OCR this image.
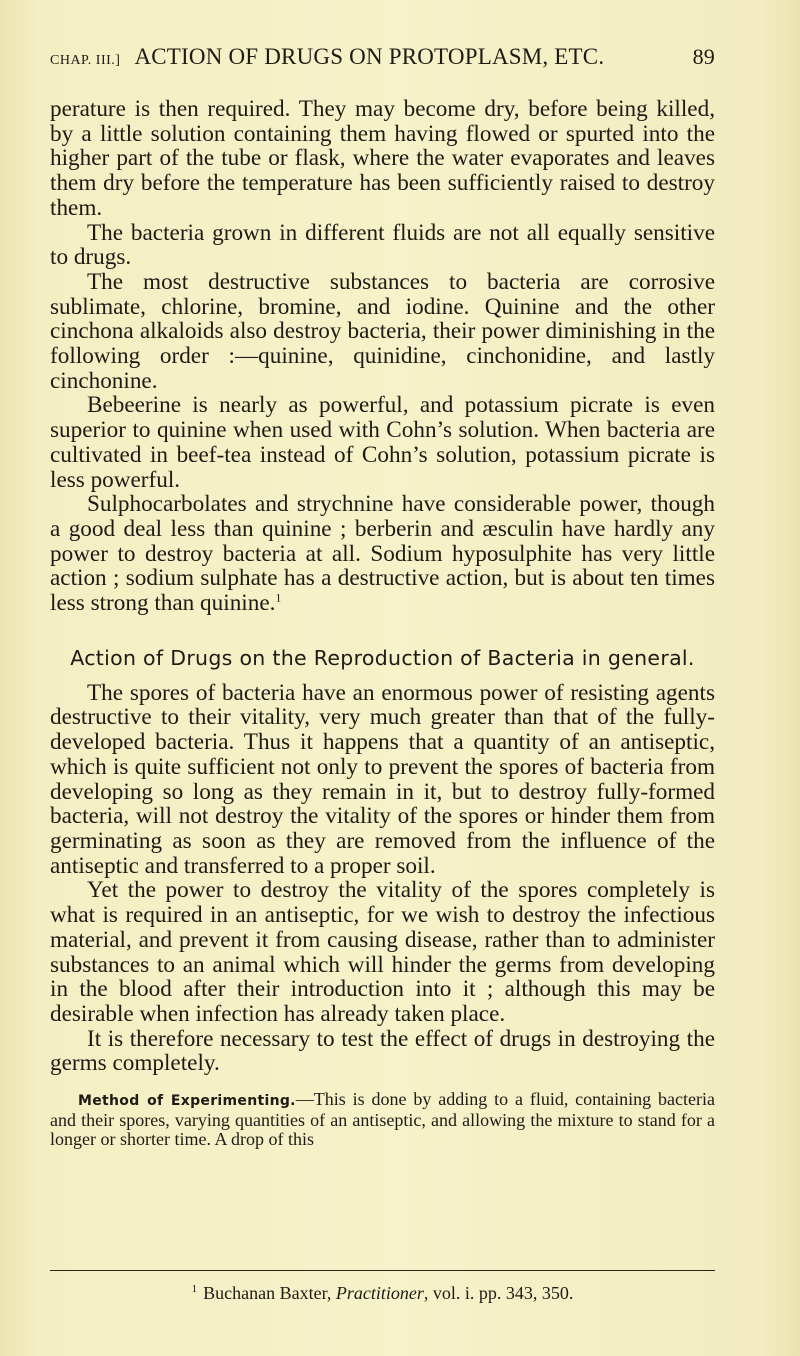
CHAP. III.] ACTION OF DRUGS ON PROTOPLASM, ETC.	89

perature is then required. They may become dry, before being killed, by a little solution containing them having flowed or spurted into the higher part of the tube or flask, where the water evaporates and leaves them dry before the temperature has been sufficiently raised to destroy them.

The bacteria grown in different fluids are not all equally sensitive to drugs.

The most destructive substances to bacteria are corrosive sublimate, chlorine, bromine, and iodine. Quinine and the other cinchona alkaloids also destroy bacteria, their power diminishing in the following order :—quinine, quinidine, cinchonidine, and lastly cinchonine.

Bebeerine is nearly as powerful, and potassium picrate is even superior to quinine when used with Cohn’s solution. When bacteria are cultivated in beef-tea instead of Cohn’s solution, potassium picrate is less powerful.

Sulphocarbolates and strychnine have considerable power, though a good deal less than quinine ; berberin and æsculin have hardly any power to destroy bacteria at all. Sodium hyposulphite has very little action ; sodium sulphate has a destructive action, but is about ten times less strong than quinine.$^1$

Action of Drugs on the Reproduction of Bacteria in general.

The spores of bacteria have an enormous power of resisting agents destructive to their vitality, very much greater than that of the fully-developed bacteria. Thus it happens that a quantity of an antiseptic, which is quite sufficient not only to prevent the spores of bacteria from developing so long as they remain in it, but to destroy fully-formed bacteria, will not destroy the vitality of the spores or hinder them from germinating as soon as they are removed from the influence of the antiseptic and transferred to a proper soil.

Yet the power to destroy the vitality of the spores completely is what is required in an antiseptic, for we wish to destroy the infectious material, and prevent it from causing disease, rather than to administer substances to an animal which will hinder the germs from developing in the blood after their introduction into it ; although this may be desirable when infection has already taken place.

It is therefore necessary to test the effect of drugs in destroying the germs completely.

Method of Experimenting.—This is done by adding to a fluid, containing bacteria and their spores, varying quantities of an antiseptic, and allowing the mixture to stand for a longer or shorter time. A drop of this
$^1$ Buchanan Baxter, Practitioner, vol. i. pp. 343, 350.
